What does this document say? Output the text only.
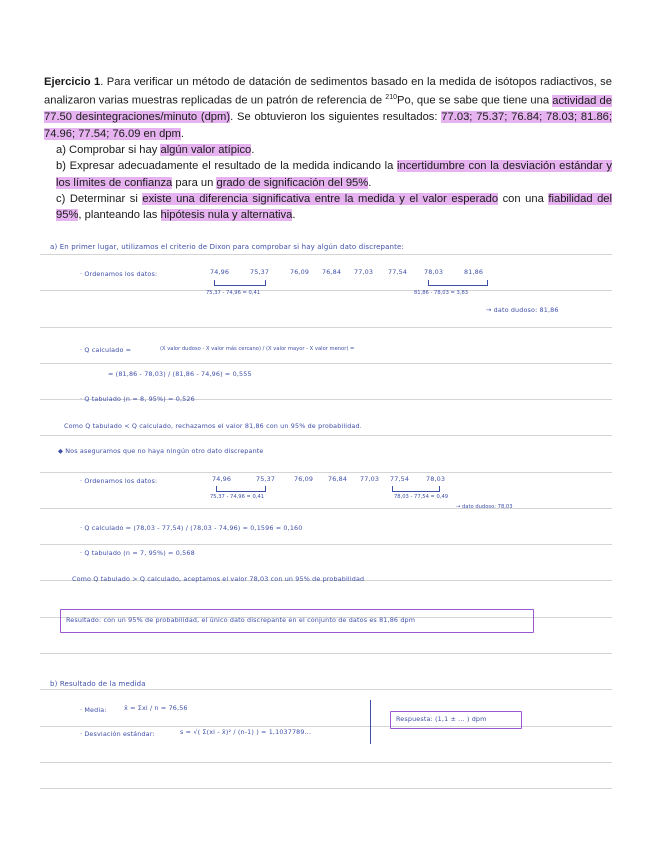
Ejercicio 1. Para verificar un método de datación de sedimentos basado en la medida de isótopos radiactivos, se analizaron varias muestras replicadas de un patrón de referencia de $^{210}$Po, que se sabe que tiene una actividad de 77.50 desintegraciones/minuto (dpm). Se obtuvieron los siguientes resultados: 77.03; 75.37; 76.84; 78.03; 81.86; 74.96; 77.54; 76.09 en dpm.

a) Comprobar si hay algún valor atípico.

b) Expresar adecuadamente el resultado de la medida indicando la incertidumbre con la desviación estándar y los límites de confianza para un grado de significación del 95%.

c) Determinar si existe una diferencia significativa entre la medida y el valor esperado con una fiabilidad del 95%, planteando las hipótesis nula y alternativa.

a) En primer lugar, utilizamos el criterio de Dixon para comprobar si hay algún dato discrepante:
· Ordenamos los datos:	74,96	75,37	76,09 76,84 77,03 77,54	78,03	81,86
75,37 - 74,96 = 0,41	81,86 - 78,03 = 3,83
→ dato dudoso: 81,86
· Q calculado =	(X valor dudoso - X valor más cercano) / (X valor mayor - X valor menor) =
= (81,86 - 78,03) / (81,86 - 74,96) = 0,555
· Q tabulado (n = 8, 95%) = 0,526
Como Q tabulado < Q calculado, rechazamos el valor 81,86 con un 95% de probabilidad.
◆ Nos aseguramos que no haya ningún otro dato discrepante
· Ordenamos los datos:	74,96	75,37	76,09 76,84 77,03 77,54	78,03
75,37 - 74,96 = 0,41	78,03 - 77,54 = 0,49
→ dato dudoso: 78,03
· Q calculado = (78,03 - 77,54) / (78,03 - 74,96) = 0,1596 = 0,160
· Q tabulado (n = 7, 95%) = 0,568
Como Q tabulado > Q calculado, aceptamos el valor 78,03 con un 95% de probabilidad
Resultado: con un 95% de probabilidad, el único dato discrepante en el conjunto de datos es 81,86 dpm
b) Resultado de la medida
· Media:	x̄ = Σxi / n = 76,56
· Desviación estándar:	s = √( Σ(xi - x̄)² / (n-1) ) = 1,1037789...
Respuesta: (1,1 ± ... ) dpm
